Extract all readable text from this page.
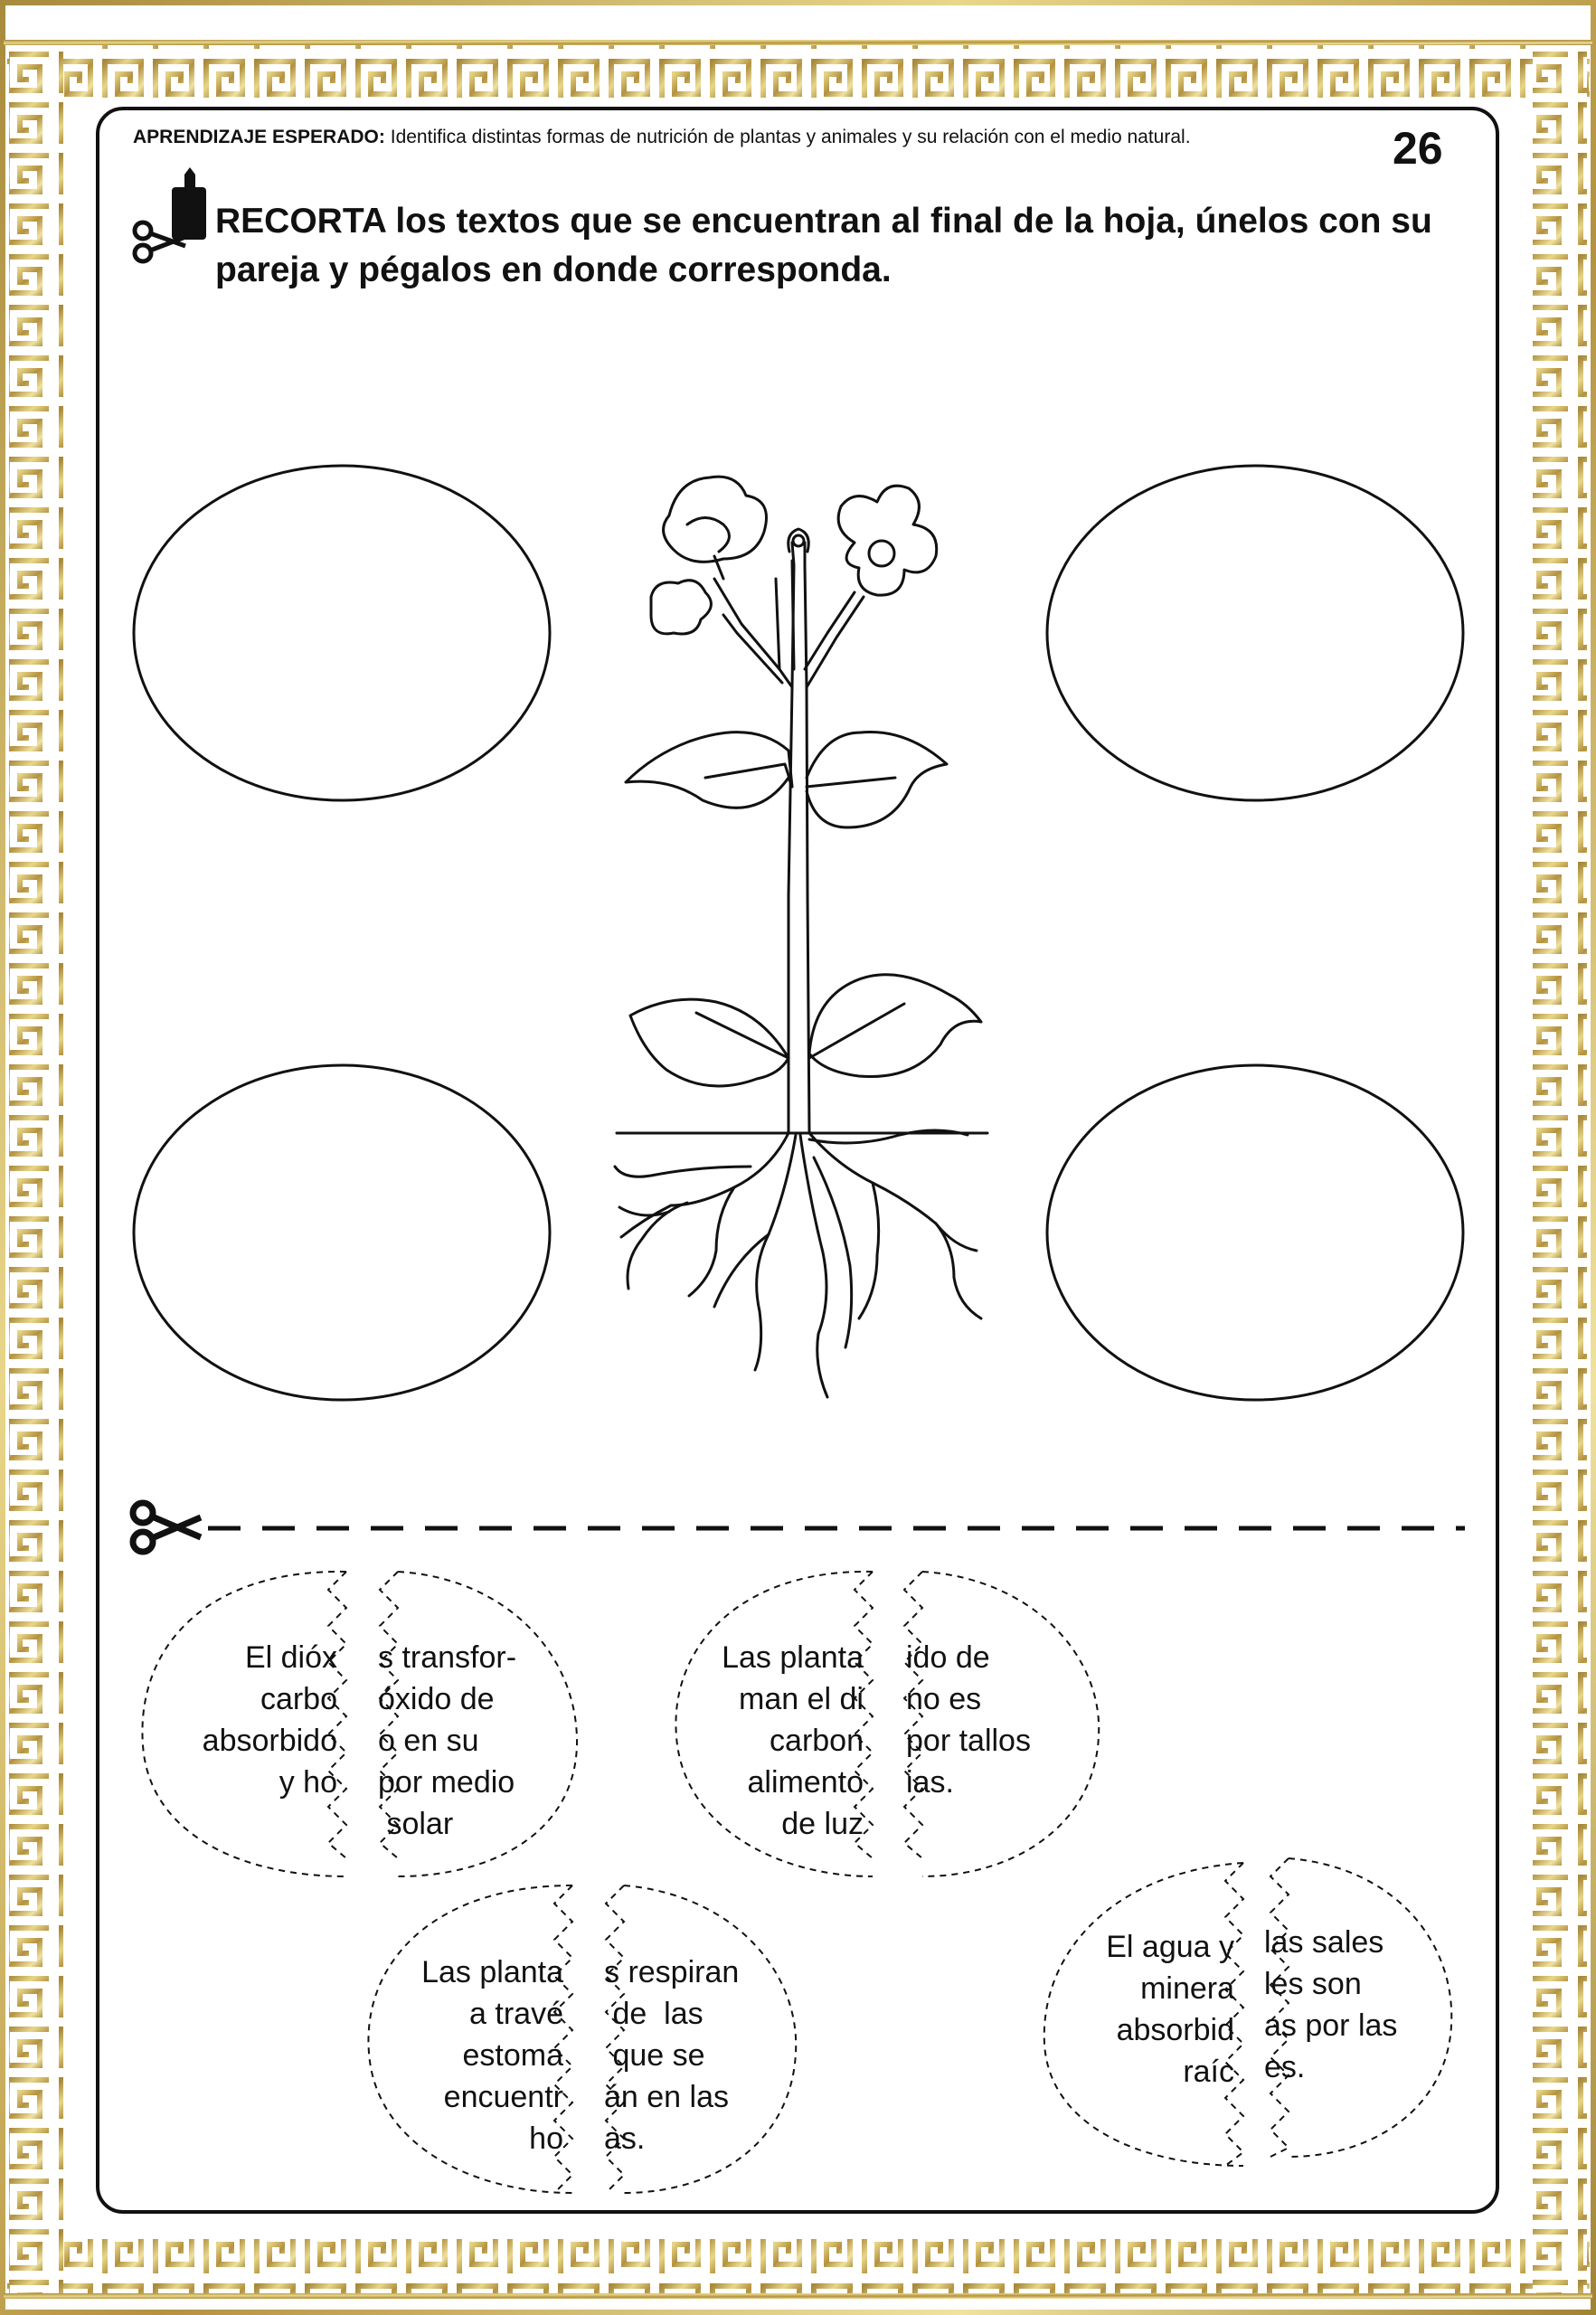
APRENDIZAJE ESPERADO: Identifica distintas formas de nutrición de plantas y animales y su relación con el medio natural.	26
RECORTA los textos que se encuentran al final de la hoja, únelos con su pareja y pégalos en donde corresponda.
El dióx
carbo
absorbido
y ho
s transfor-
óxido de
o en su
por medio
solar
Las planta
man el di
carbon
alimento
de luz
ido de
no es
por tallos
ias.
Las planta
a travé
estoma
encuentr
ho
s respiran
de  las
que se
án en las
as.
El agua y
minera
absorbid
raíc
las sales
les son
as por las
es.
